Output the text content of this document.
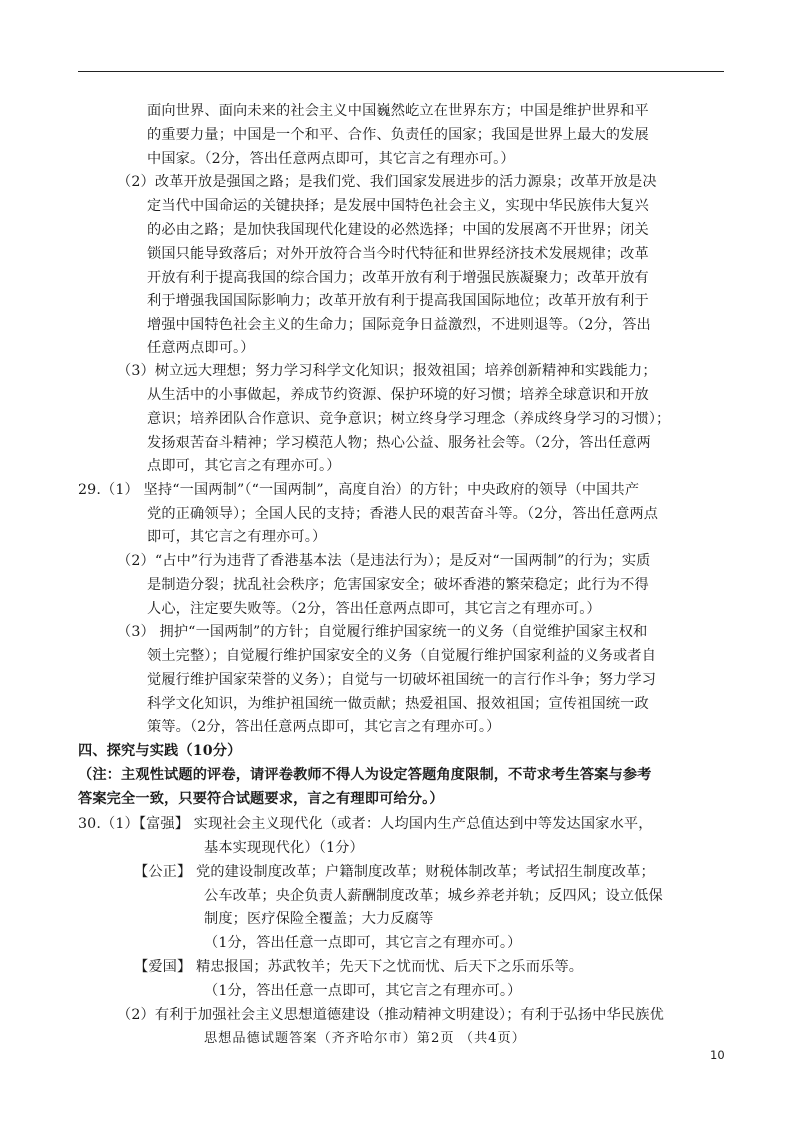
面向世界、面向未来的社会主义中国巍然屹立在世界东方；中国是维护世界和平
的重要力量；中国是一个和平、合作、负责任的国家；我国是世界上最大的发展
中国家。（2分，答出任意两点即可，其它言之有理亦可。）
（2）改革开放是强国之路；是我们党、我们国家发展进步的活力源泉；改革开放是决
定当代中国命运的关键抉择；是发展中国特色社会主义，实现中华民族伟大复兴
的必由之路；是加快我国现代化建设的必然选择；中国的发展离不开世界；闭关
锁国只能导致落后；对外开放符合当今时代特征和世界经济技术发展规律；改革
开放有利于提高我国的综合国力；改革开放有利于增强民族凝聚力；改革开放有
利于增强我国国际影响力；改革开放有利于提高我国国际地位；改革开放有利于
增强中国特色社会主义的生命力；国际竞争日益激烈，不进则退等。（2分，答出
任意两点即可。）
（3）树立远大理想；努力学习科学文化知识；报效祖国；培养创新精神和实践能力；
从生活中的小事做起，养成节约资源、保护环境的好习惯；培养全球意识和开放
意识；培养团队合作意识、竞争意识；树立终身学习理念（养成终身学习的习惯）；
发扬艰苦奋斗精神；学习模范人物；热心公益、服务社会等。（2分，答出任意两
点即可，其它言之有理亦可。）
29.（1） 坚持“一国两制”（“一国两制”，高度自治）的方针；中央政府的领导（中国共产
党的正确领导）；全国人民的支持；香港人民的艰苦奋斗等。（2分，答出任意两点
即可，其它言之有理亦可。）
（2）“占中”行为违背了香港基本法（是违法行为）；是反对“一国两制”的行为；实质
是制造分裂；扰乱社会秩序；危害国家安全；破坏香港的繁荣稳定；此行为不得
人心，注定要失败等。（2分，答出任意两点即可，其它言之有理亦可。）
（3） 拥护“一国两制”的方针；自觉履行维护国家统一的义务（自觉维护国家主权和
领土完整）；自觉履行维护国家安全的义务（自觉履行维护国家利益的义务或者自
觉履行维护国家荣誉的义务）；自觉与一切破坏祖国统一的言行作斗争；努力学习
科学文化知识，为维护祖国统一做贡献；热爱祖国、报效祖国；宣传祖国统一政
策等。（2分，答出任意两点即可，其它言之有理亦可。）
四、探究与实践（10分）
（注：主观性试题的评卷，请评卷教师不得人为设定答题角度限制，不苛求考生答案与参考
答案完全一致，只要符合试题要求，言之有理即可给分。）
30.（1）【富强】 实现社会主义现代化（或者：人均国内生产总值达到中等发达国家水平，
基本实现现代化）（1分）
【公正】 党的建设制度改革；户籍制度改革；财税体制改革；考试招生制度改革；
公车改革；央企负责人薪酬制度改革；城乡养老并轨；反四风；设立低保
制度；医疗保险全覆盖；大力反腐等
（1分，答出任意一点即可，其它言之有理亦可。）
【爱国】 精忠报国；苏武牧羊；先天下之忧而忧、后天下之乐而乐等。
（1分，答出任意一点即可，其它言之有理亦可。）
（2）有利于加强社会主义思想道德建设（推动精神文明建设）；有利于弘扬中华民族优
思想品德试题答案（齐齐哈尔市）第2页 （共4页）
10
